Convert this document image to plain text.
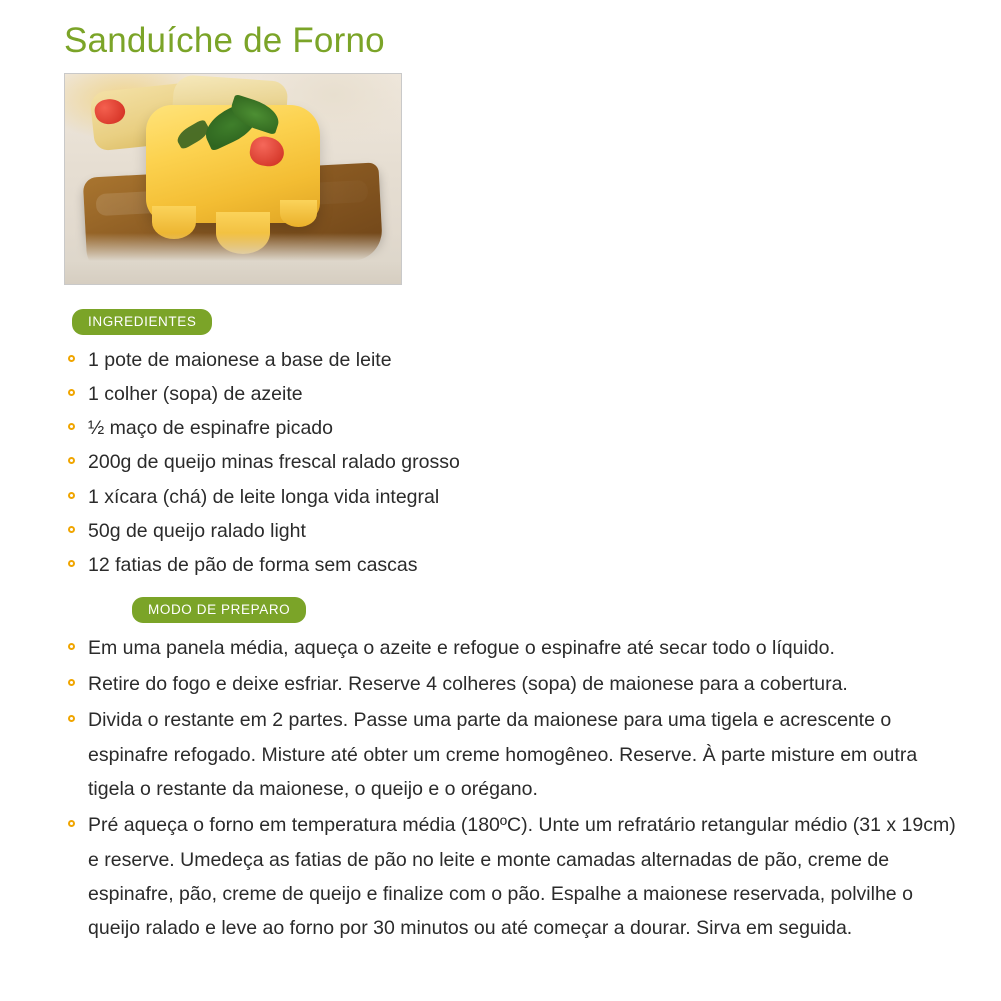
Sanduíche de Forno
INGREDIENTES
1 pote de maionese a base de leite
1 colher (sopa) de azeite
½ maço de espinafre picado
200g de queijo minas frescal ralado grosso
1 xícara (chá) de leite longa vida integral
50g de queijo ralado light
12 fatias de pão de forma sem cascas
MODO DE PREPARO
Em uma panela média, aqueça o azeite e refogue o espinafre até secar todo o líquido.
Retire do fogo e deixe esfriar. Reserve 4 colheres (sopa) de maionese para a cobertura.
Divida o restante em 2 partes. Passe uma parte da maionese para uma tigela e acrescente o espinafre refogado. Misture até obter um creme homogêneo. Reserve. À parte misture em outra tigela o restante da maionese, o queijo e o orégano.
Pré aqueça o forno em temperatura média (180ºC). Unte um refratário retangular médio (31 x 19cm) e reserve. Umedeça as fatias de pão no leite e monte camadas alternadas de pão, creme de espinafre, pão, creme de queijo e finalize com o pão. Espalhe a maionese reservada, polvilhe o queijo ralado e leve ao forno por 30 minutos ou até começar a dourar. Sirva em seguida.
